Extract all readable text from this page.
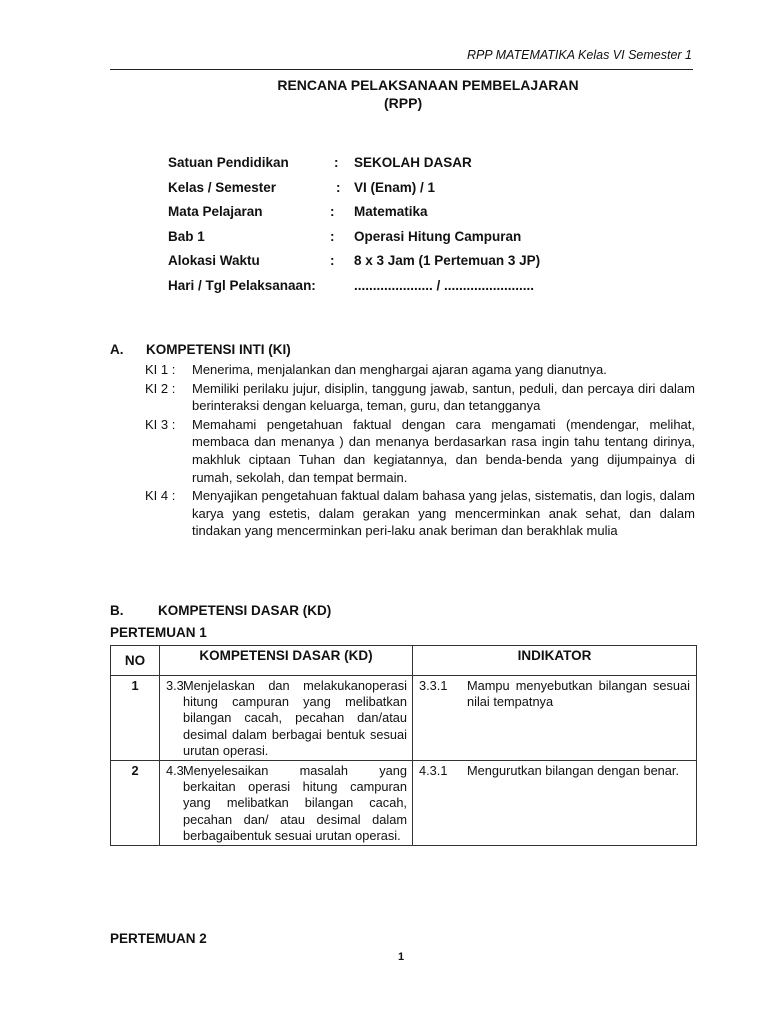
RPP MATEMATIKA Kelas VI Semester 1
RENCANA PELAKSANAAN PEMBELAJARAN
(RPP)
Satuan Pendidikan	: SEKOLAH DASAR
Kelas / Semester	: VI (Enam) / 1
Mata Pelajaran	: Matematika
Bab 1	: Operasi Hitung Campuran
Alokasi Waktu	: 8 x 3 Jam (1 Pertemuan 3 JP)
Hari / Tgl Pelaksanaan:	..................... / ........................
A. KOMPETENSI INTI (KI)
KI 1 : Menerima, menjalankan dan menghargai ajaran agama yang dianutnya.
KI 2 : Memiliki perilaku jujur, disiplin, tanggung jawab, santun, peduli, dan percaya diri dalam berinteraksi dengan keluarga, teman, guru, dan tetangganya
KI 3 : Memahami pengetahuan faktual dengan cara mengamati (mendengar, melihat, membaca dan menanya ) dan menanya berdasarkan rasa ingin tahu tentang dirinya, makhluk ciptaan Tuhan dan kegiatannya, dan benda-benda yang dijumpainya di rumah, sekolah, dan tempat bermain.
KI 4 : Menyajikan pengetahuan faktual dalam bahasa yang jelas, sistematis, dan logis, dalam karya yang estetis, dalam gerakan yang mencerminkan anak sehat, dan dalam tindakan yang mencerminkan peri-laku anak beriman dan berakhlak mulia
B.	KOMPETENSI DASAR (KD)
PERTEMUAN 1
NO	KOMPETENSI DASAR (KD)	INDIKATOR
1	3.3 Menjelaskan dan melakukanoperasi hitung campuran yang melibatkan bilangan cacah, pecahan dan/atau desimal dalam berbagai bentuk sesuai urutan operasi.	3.3.1 Mampu menyebutkan bilangan sesuai nilai tempatnya

2	4.3 Menyelesaikan masalah yang berkaitan operasi hitung campuran yang melibatkan bilangan cacah, pecahan dan/ atau desimal dalam berbagaibentuk sesuai urutan operasi.	4.3.1 Mengurutkan bilangan dengan benar.
PERTEMUAN 2
1
